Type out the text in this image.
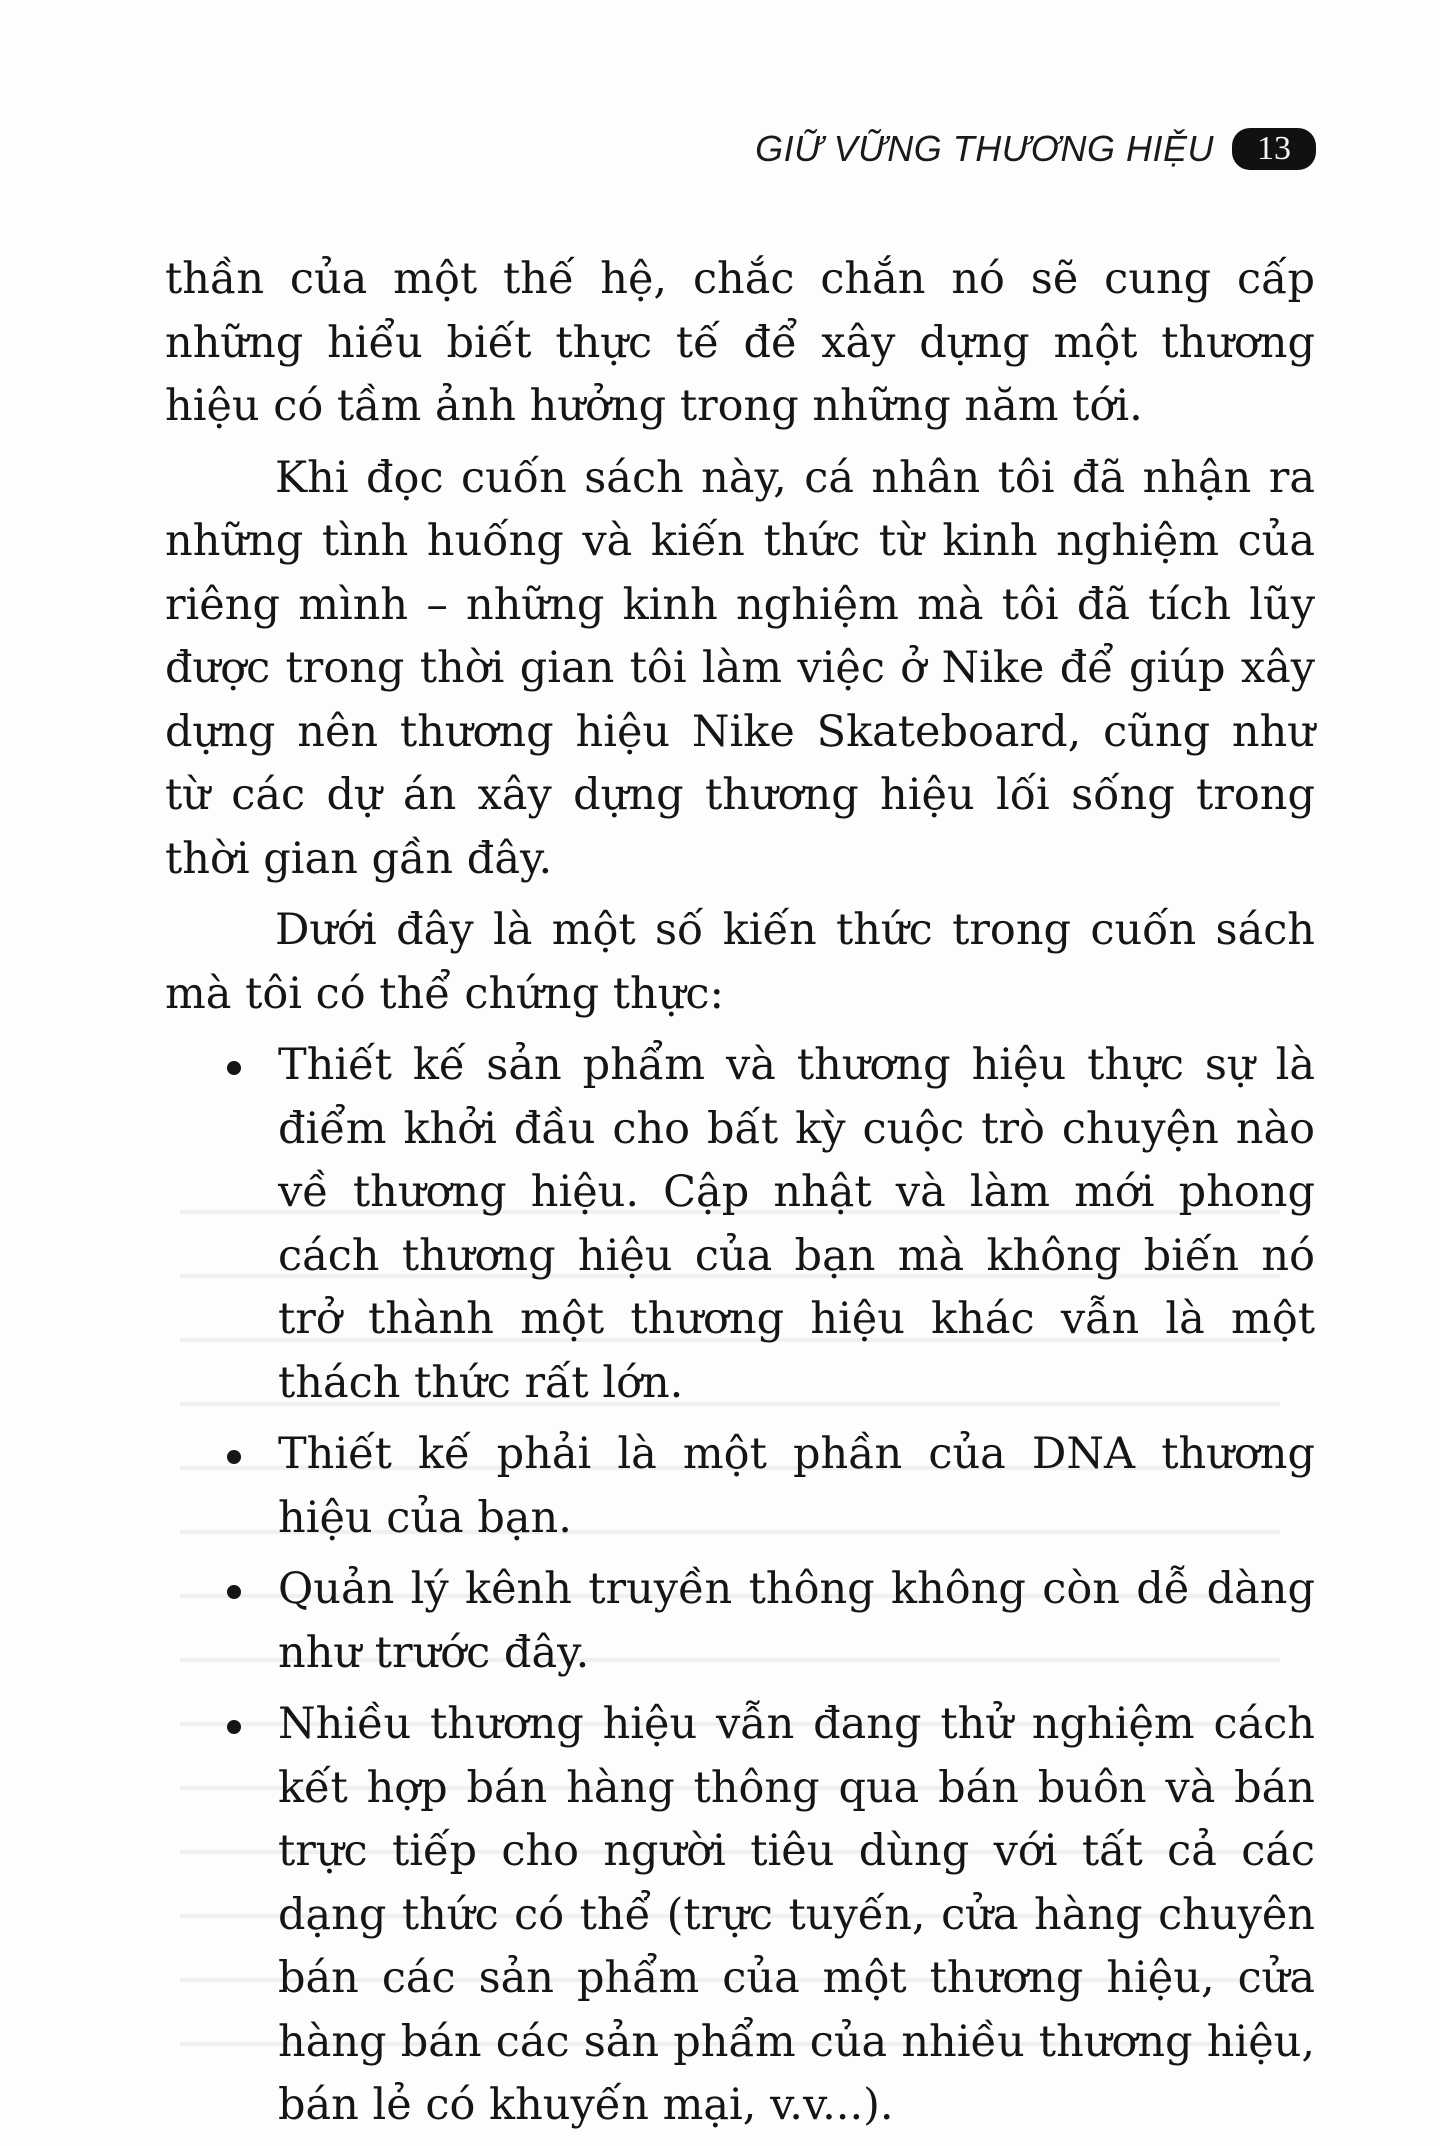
GIỮ VỮNG THƯƠNG HIỆU	13

thần của một thế hệ, chắc chắn nó sẽ cung cấp những hiểu biết thực tế để xây dựng một thương hiệu có tầm ảnh hưởng trong những năm tới.

Khi đọc cuốn sách này, cá nhân tôi đã nhận ra những tình huống và kiến thức từ kinh nghiệm của riêng mình – những kinh nghiệm mà tôi đã tích lũy được trong thời gian tôi làm việc ở Nike để giúp xây dựng nên thương hiệu Nike Skateboard, cũng như từ các dự án xây dựng thương hiệu lối sống trong thời gian gần đây.

Dưới đây là một số kiến thức trong cuốn sách mà tôi có thể chứng thực:

Thiết kế sản phẩm và thương hiệu thực sự là điểm khởi đầu cho bất kỳ cuộc trò chuyện nào về thương hiệu. Cập nhật và làm mới phong cách thương hiệu của bạn mà không biến nó trở thành một thương hiệu khác vẫn là một thách thức rất lớn.
Thiết kế phải là một phần của DNA thương hiệu của bạn.
Quản lý kênh truyền thông không còn dễ dàng như trước đây.
Nhiều thương hiệu vẫn đang thử nghiệm cách kết hợp bán hàng thông qua bán buôn và bán trực tiếp cho người tiêu dùng với tất cả các dạng thức có thể (trực tuyến, cửa hàng chuyên bán các sản phẩm của một thương hiệu, cửa hàng bán các sản phẩm của nhiều thương hiệu, bán lẻ có khuyến mại, v.v...).
